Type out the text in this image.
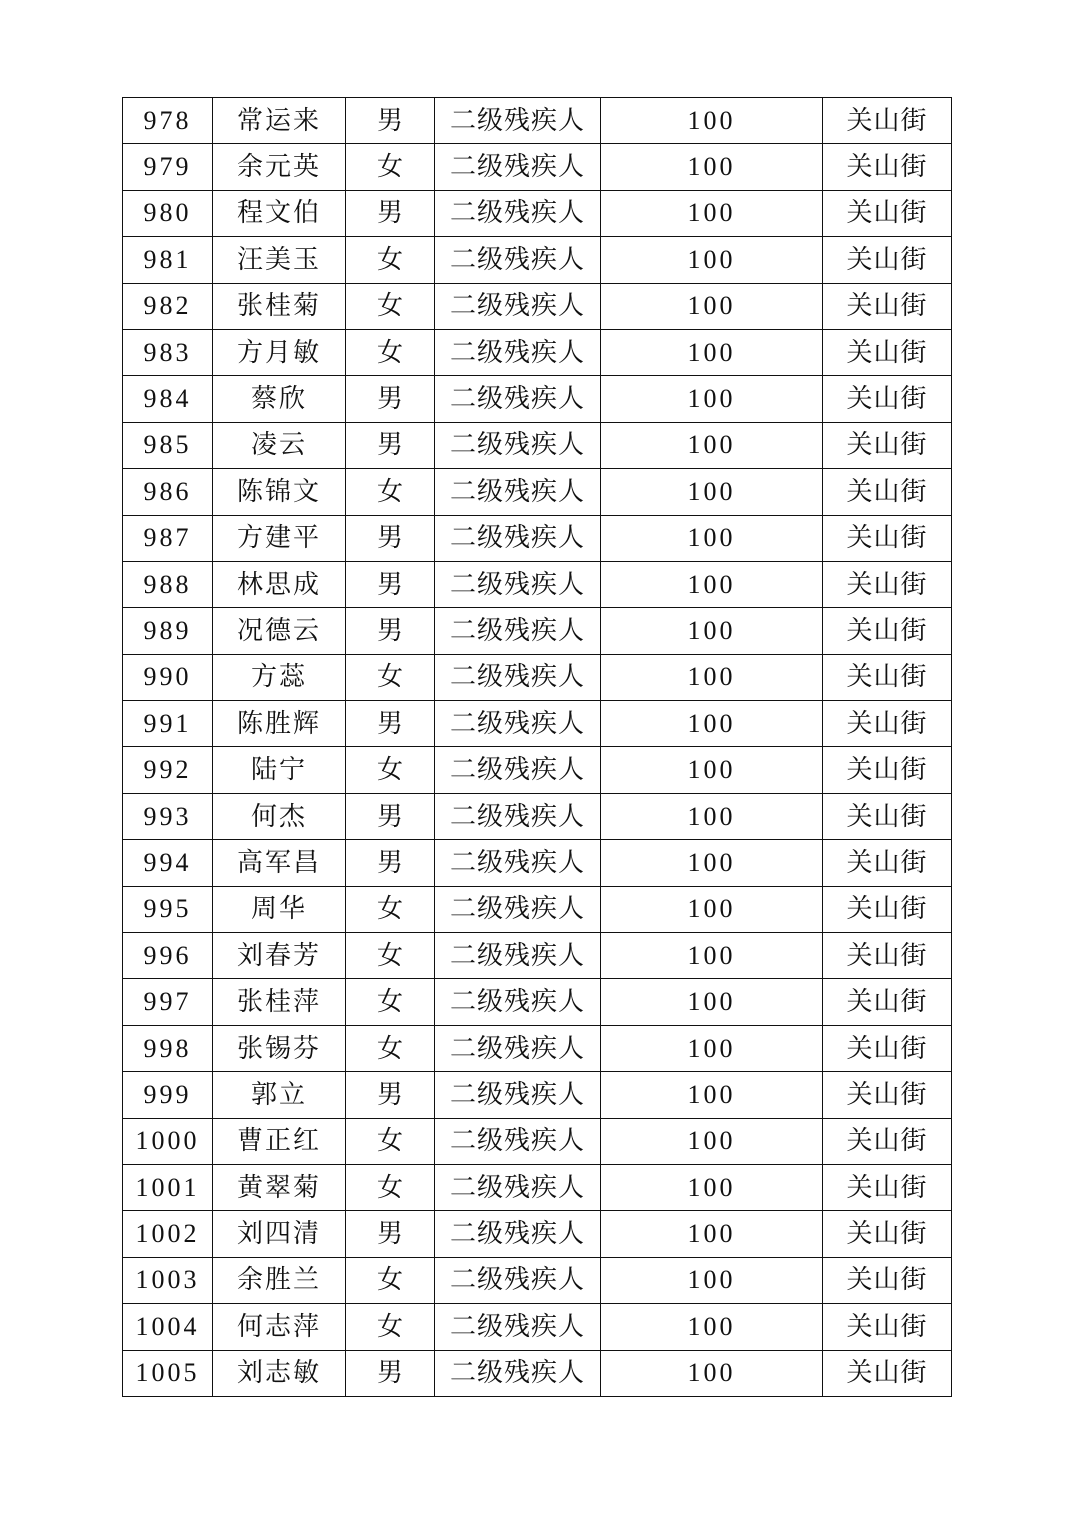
978	常运来	男	二级残疾人	100	关山街
979	余元英	女	二级残疾人	100	关山街
980	程文伯	男	二级残疾人	100	关山街
981	汪美玉	女	二级残疾人	100	关山街
982	张桂菊	女	二级残疾人	100	关山街
983	方月敏	女	二级残疾人	100	关山街
984	蔡欣	男	二级残疾人	100	关山街
985	凌云	男	二级残疾人	100	关山街
986	陈锦文	女	二级残疾人	100	关山街
987	方建平	男	二级残疾人	100	关山街
988	林思成	男	二级残疾人	100	关山街
989	况德云	男	二级残疾人	100	关山街
990	方蕊	女	二级残疾人	100	关山街
991	陈胜辉	男	二级残疾人	100	关山街
992	陆宁	女	二级残疾人	100	关山街
993	何杰	男	二级残疾人	100	关山街
994	高军昌	男	二级残疾人	100	关山街
995	周华	女	二级残疾人	100	关山街
996	刘春芳	女	二级残疾人	100	关山街
997	张桂萍	女	二级残疾人	100	关山街
998	张锡芬	女	二级残疾人	100	关山街
999	郭立	男	二级残疾人	100	关山街
1000	曹正红	女	二级残疾人	100	关山街
1001	黄翠菊	女	二级残疾人	100	关山街
1002	刘四清	男	二级残疾人	100	关山街
1003	余胜兰	女	二级残疾人	100	关山街
1004	何志萍	女	二级残疾人	100	关山街
1005	刘志敏	男	二级残疾人	100	关山街
